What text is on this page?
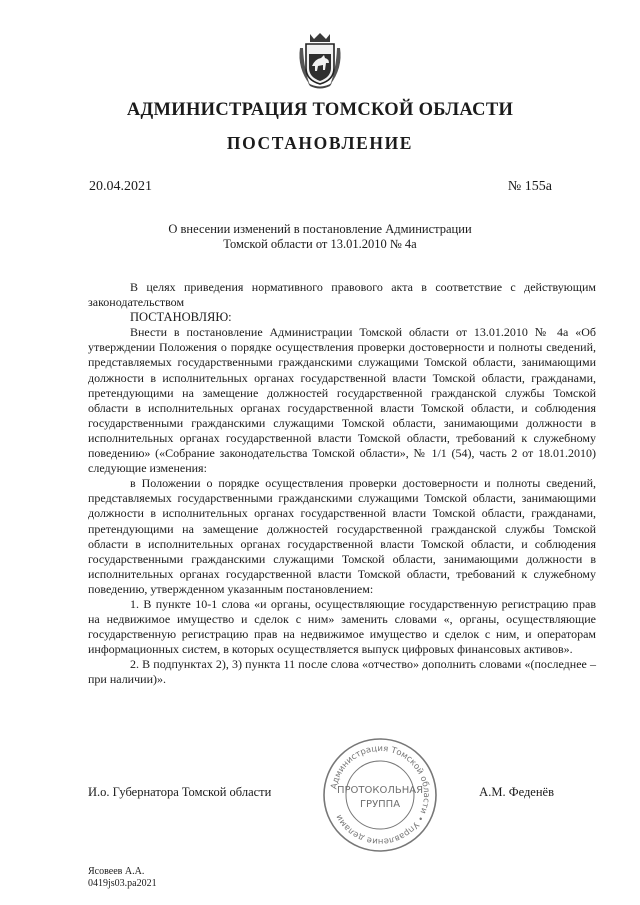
АДМИНИСТРАЦИЯ ТОМСКОЙ ОБЛАСТИ
ПОСТАНОВЛЕНИЕ
20.04.2021	№ 155а
О внесении изменений в постановление Администрации
Томской области от 13.01.2010 № 4а

В целях приведения нормативного правового акта в соответствие с действующим законодательством

ПОСТАНОВЛЯЮ:

Внести в постановление Администрации Томской области от 13.01.2010 № 4а «Об утверждении Положения о порядке осуществления проверки достоверности и полноты сведений, представляемых государственными гражданскими служащими Томской области, занимающими должности в исполнительных органах государственной власти Томской области, гражданами, претендующими на замещение должностей государственной гражданской службы Томской области в исполнительных органах государственной власти Томской области, и соблюдения государственными гражданскими служащими Томской области, занимающими должности в исполнительных органах государственной власти Томской области, требований к служебному поведению» («Собрание законодательства Томской области», № 1/1 (54), часть 2 от 18.01.2010) следующие изменения:

в Положении о порядке осуществления проверки достоверности и полноты сведений, представляемых государственными гражданскими служащими Томской области, занимающими должности в исполнительных органах государственной власти Томской области, гражданами, претендующими на замещение должностей государственной гражданской службы Томской области в исполнительных органах государственной власти Томской области, и соблюдения государственными гражданскими служащими Томской области, занимающими должности в исполнительных органах государственной власти Томской области, требований к служебному поведению, утвержденном указанным постановлением:

1. В пункте 10-1 слова «и органы, осуществляющие государственную регистрацию прав на недвижимое имущество и сделок с ним» заменить словами «, органы, осуществляющие государственную регистрацию прав на недвижимое имущество и сделок с ним, и операторам информационных систем, в которых осуществляется выпуск цифровых финансовых активов».

2. В подпунктах 2), 3) пункта 11 после слова «отчество» дополнить словами «(последнее – при наличии)».

Администрация Томской области • Управление делами
ПРОТОКОЛЬНАЯ
ГРУППА
И.о. Губернатора Томской области	А.М. Феденёв
Ясовеев А.А.
0419js03.ра2021
